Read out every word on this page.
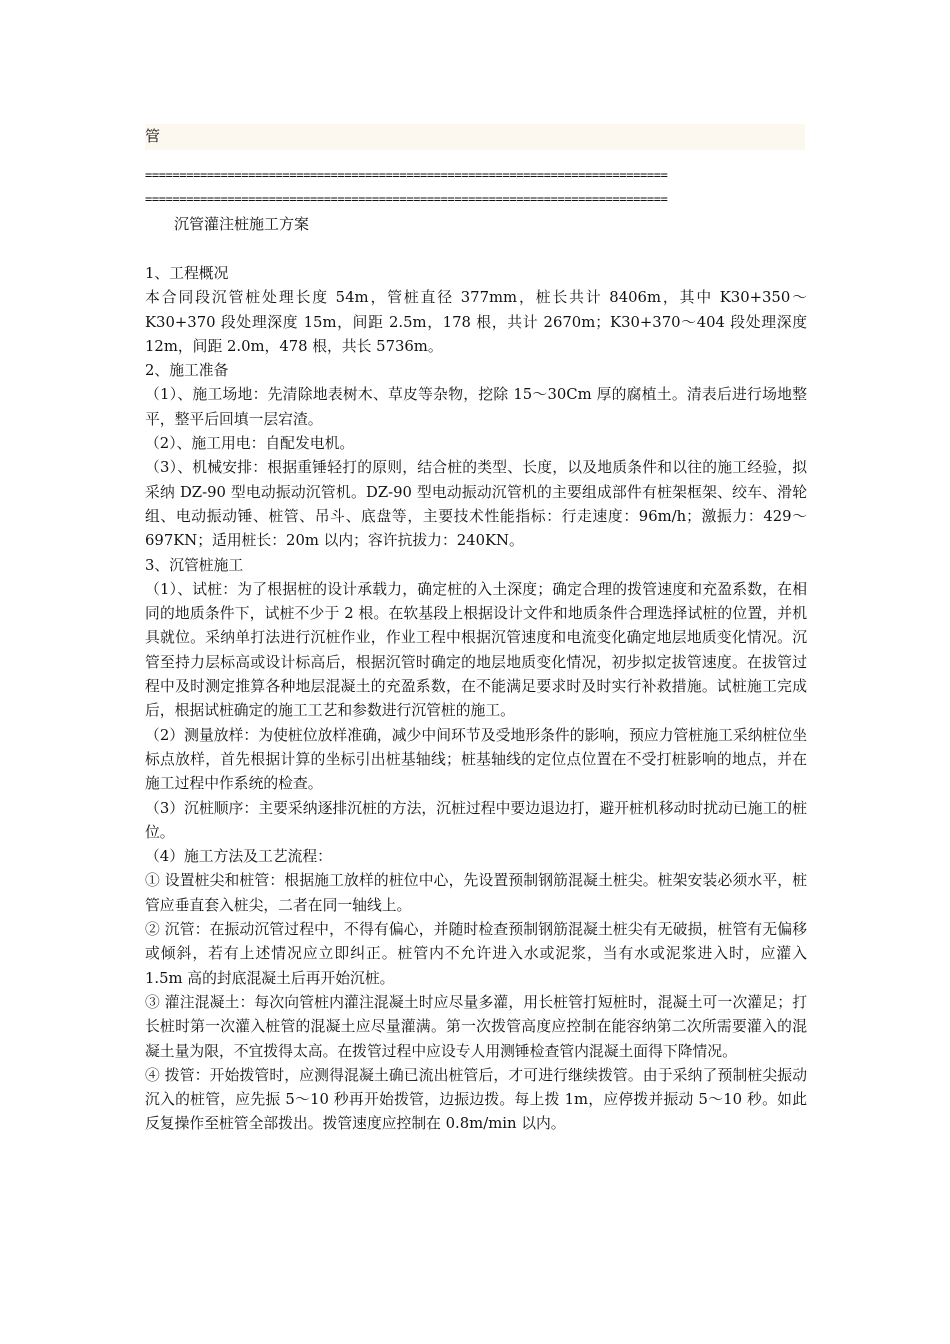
管
============================================================================
============================================================================
沉管灌注桩施工方案

1、工程概况

本合同段沉管桩处理长度 54m，管桩直径 377mm，桩长共计 8406m，其中 K30+350～K30+370 段处理深度 15m，间距 2.5m，178 根，共计 2670m；K30+370～404 段处理深度 12m，间距 2.0m，478 根，共长 5736m。

2、施工准备

（1）、施工场地：先清除地表树木、草皮等杂物，挖除 15～30Cm 厚的腐植土。清表后进行场地整平，整平后回填一层宕渣。

（2）、施工用电：自配发电机。

（3）、机械安排：根据重锤轻打的原则，结合桩的类型、长度，以及地质条件和以往的施工经验，拟采纳 DZ-90 型电动振动沉管机。DZ-90 型电动振动沉管机的主要组成部件有桩架框架、绞车、滑轮组、电动振动锤、桩管、吊斗、底盘等，主要技术性能指标：行走速度：96m/h；激振力：429～697KN；适用桩长：20m 以内；容许抗拔力：240KN。

3、沉管桩施工

（1）、试桩：为了根据桩的设计承载力，确定桩的入土深度；确定合理的拨管速度和充盈系数，在相同的地质条件下，试桩不少于 2 根。在软基段上根据设计文件和地质条件合理选择试桩的位置，并机具就位。采纳单打法进行沉桩作业，作业工程中根据沉管速度和电流变化确定地层地质变化情况。沉管至持力层标高或设计标高后，根据沉管时确定的地层地质变化情况，初步拟定拔管速度。在拔管过程中及时测定推算各种地层混凝土的充盈系数，在不能满足要求时及时实行补救措施。试桩施工完成后，根据试桩确定的施工工艺和参数进行沉管桩的施工。

（2）测量放样：为使桩位放样准确，减少中间环节及受地形条件的影响，预应力管桩施工采纳桩位坐标点放样，首先根据计算的坐标引出桩基轴线；桩基轴线的定位点位置在不受打桩影响的地点，并在施工过程中作系统的检查。

（3）沉桩顺序：主要采纳逐排沉桩的方法，沉桩过程中要边退边打，避开桩机移动时扰动已施工的桩位。

（4）施工方法及工艺流程：

① 设置桩尖和桩管：根据施工放样的桩位中心，先设置预制钢筋混凝土桩尖。桩架安装必须水平，桩管应垂直套入桩尖，二者在同一轴线上。

② 沉管：在振动沉管过程中，不得有偏心，并随时检查预制钢筋混凝土桩尖有无破损，桩管有无偏移或倾斜，若有上述情况应立即纠正。桩管内不允许进入水或泥浆，当有水或泥浆进入时，应灌入 1.5m 高的封底混凝土后再开始沉桩。

③ 灌注混凝土：每次向管桩内灌注混凝土时应尽量多灌，用长桩管打短桩时，混凝土可一次灌足；打长桩时第一次灌入桩管的混凝土应尽量灌满。第一次拨管高度应控制在能容纳第二次所需要灌入的混凝土量为限，不宜拨得太高。在拨管过程中应设专人用测锤检查管内混凝土面得下降情况。

④ 拨管：开始拨管时，应测得混凝土确已流出桩管后，才可进行继续拨管。由于采纳了预制桩尖振动沉入的桩管，应先振 5～10 秒再开始拨管，边振边拨。每上拨 1m，应停拨并振动 5～10 秒。如此反复操作至桩管全部拨出。拨管速度应控制在 0.8m/min 以内。
